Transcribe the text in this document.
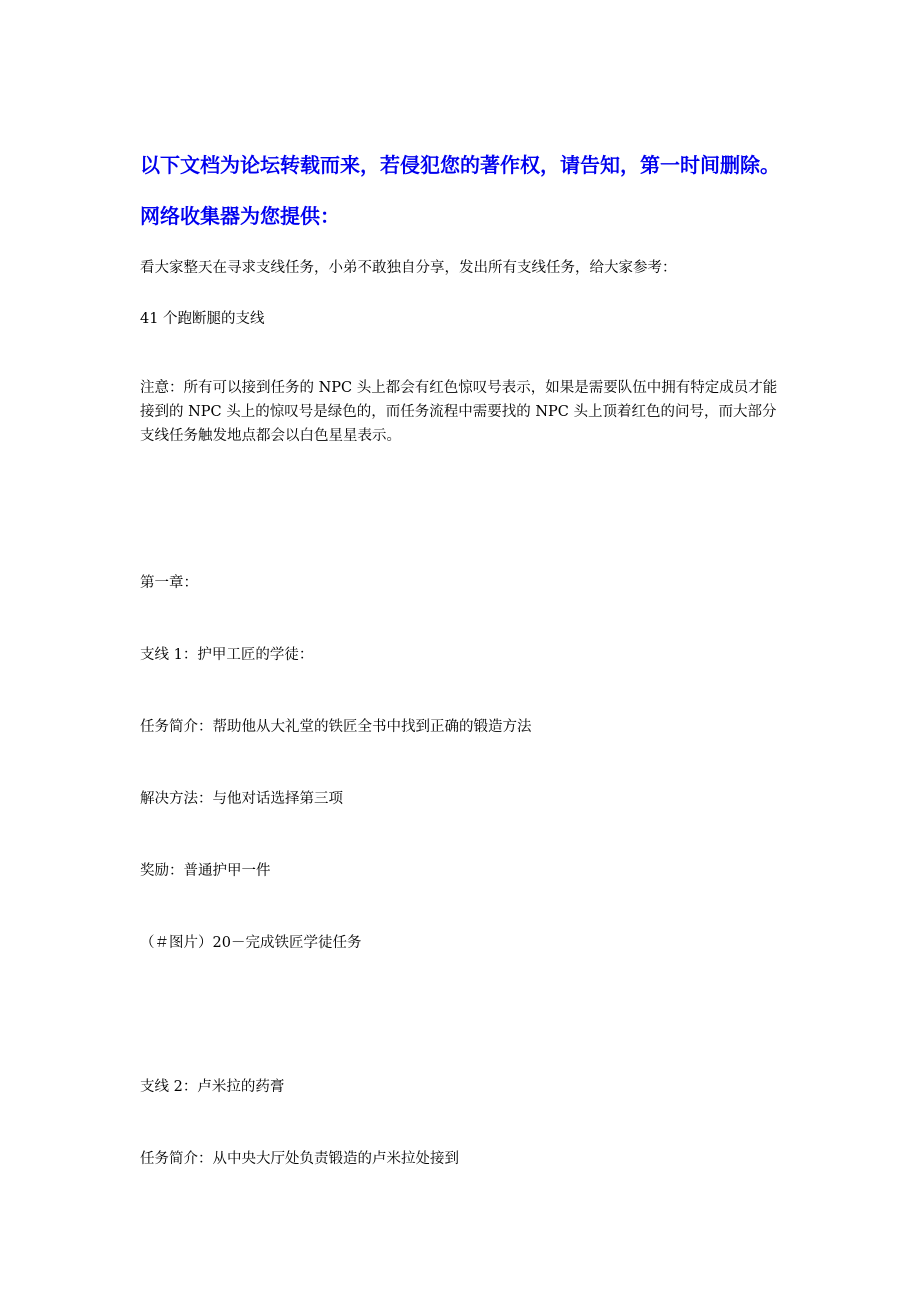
以下文档为论坛转载而来，若侵犯您的著作权，请告知，第一时间删除。网络收集器为您提供：

看大家整天在寻求支线任务，小弟不敢独自分享，发出所有支线任务，给大家参考：

41 个跑断腿的支线

注意：所有可以接到任务的 NPC 头上都会有红色惊叹号表示，如果是需要队伍中拥有特定成员才能接到的 NPC 头上的惊叹号是绿色的，而任务流程中需要找的 NPC 头上顶着红色的问号，而大部分支线任务触发地点都会以白色星星表示。

第一章：

支线 1：护甲工匠的学徒：

任务简介：帮助他从大礼堂的铁匠全书中找到正确的锻造方法

解决方法：与他对话选择第三项

奖励：普通护甲一件

（＃图片）20－完成铁匠学徒任务

支线 2：卢米拉的药膏

任务简介：从中央大厅处负责锻造的卢米拉处接到
